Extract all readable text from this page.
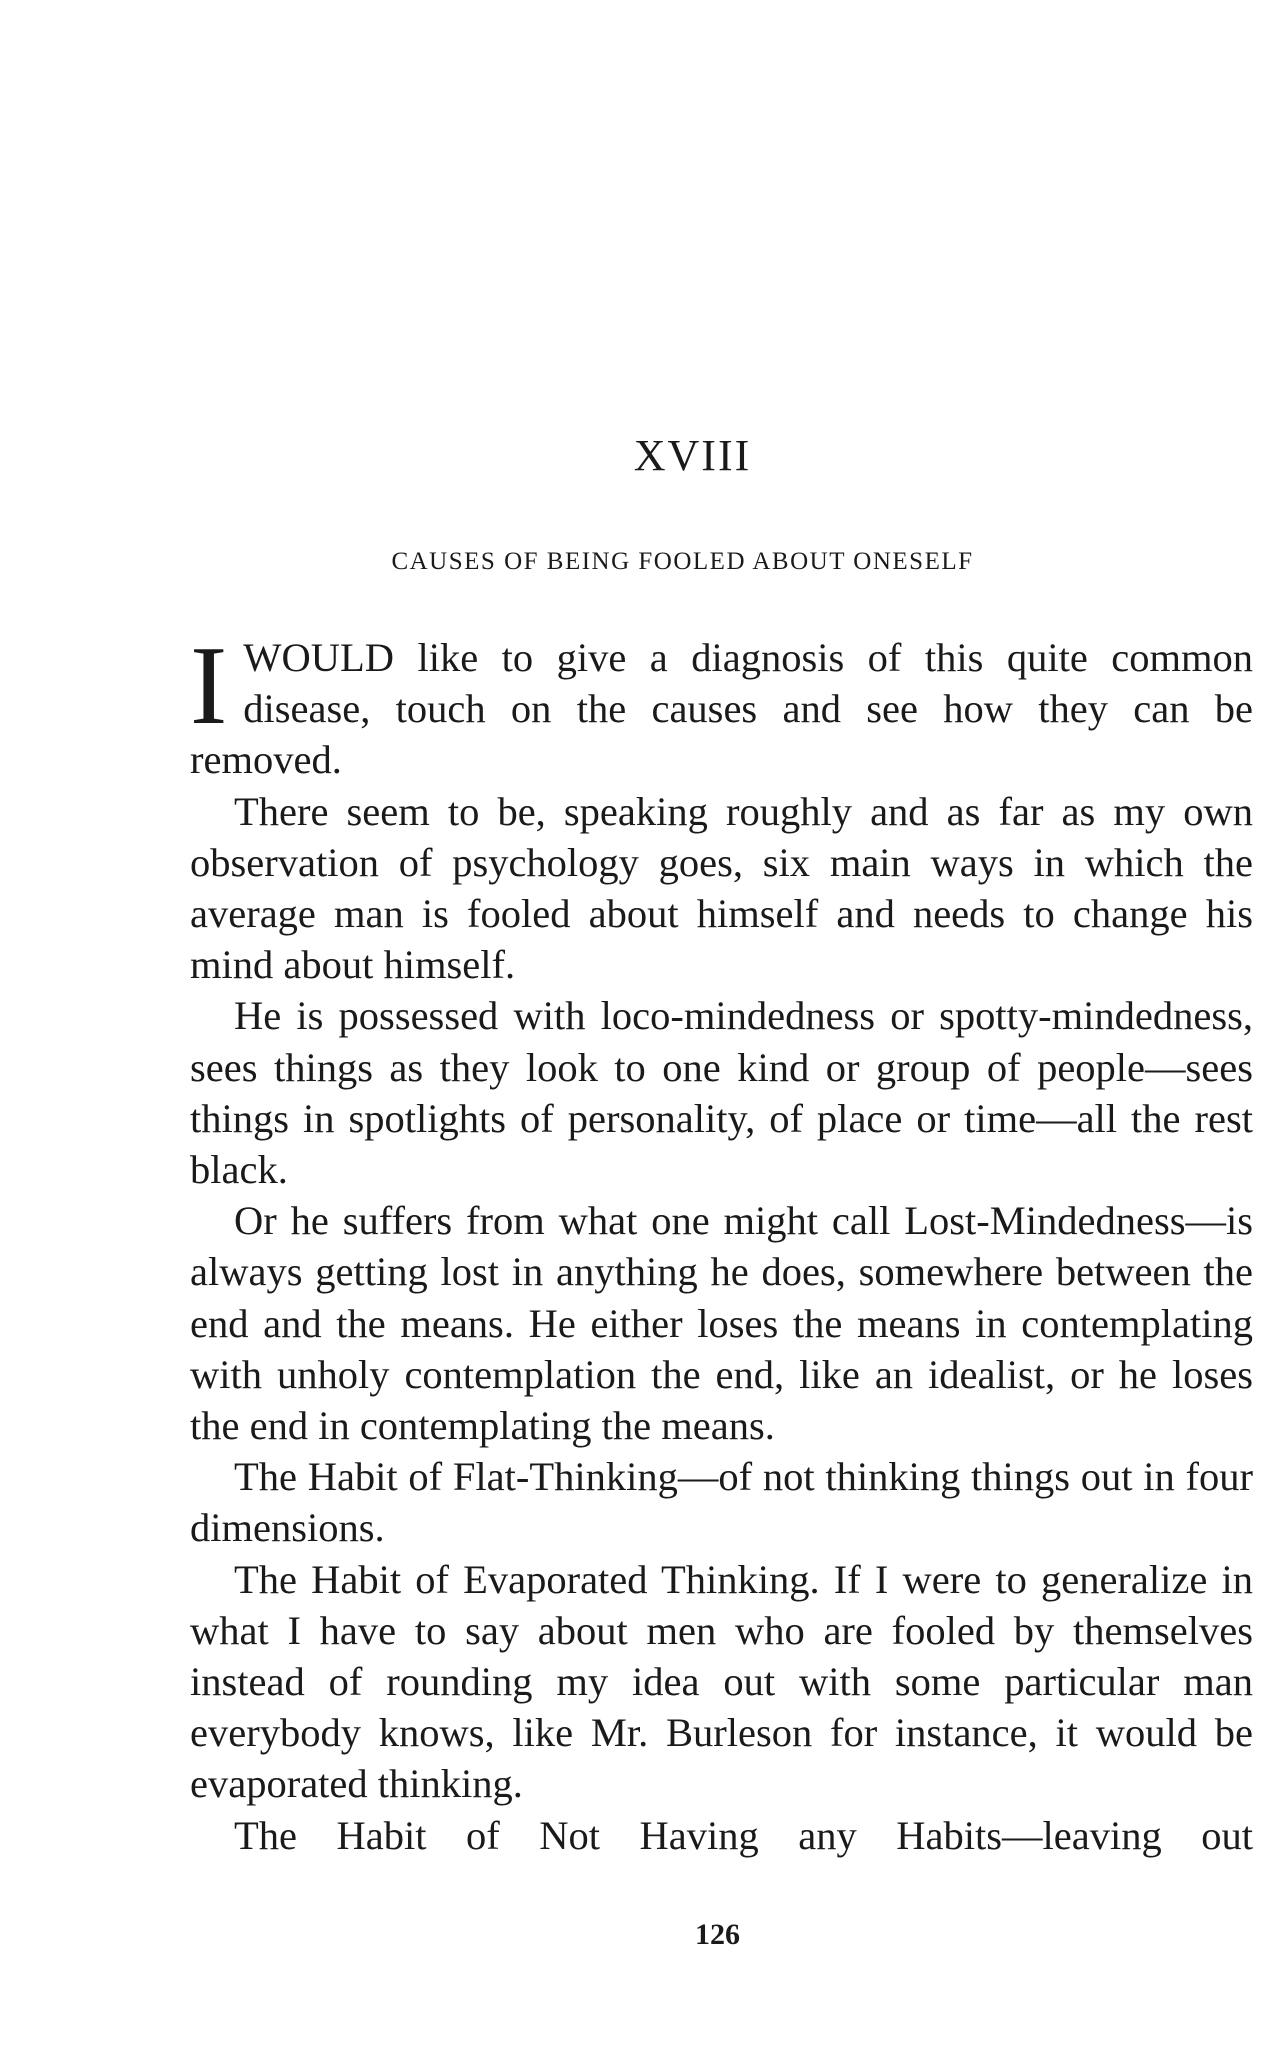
XVIII
CAUSES OF BEING FOOLED ABOUT ONESELF

IWOULD like to give a diagnosis of this quite common disease, touch on the causes and see how they can be removed.

There seem to be, speaking roughly and as far as my own observation of psychology goes, six main ways in which the average man is fooled about himself and needs to change his mind about himself.

He is possessed with loco-mindedness or spotty-mindedness, sees things as they look to one kind or group of people—sees things in spotlights of personality, of place or time—all the rest black.

Or he suffers from what one might call Lost-Mindedness—is always getting lost in anything he does, somewhere between the end and the means. He either loses the means in contemplating with unholy contemplation the end, like an idealist, or he loses the end in contemplating the means.

The Habit of Flat-Thinking—of not thinking things out in four dimensions.

The Habit of Evaporated Thinking. If I were to generalize in what I have to say about men who are fooled by themselves instead of rounding my idea out with some particular man everybody knows, like Mr. Burleson for instance, it would be evaporated thinking.

The Habit of Not Having any Habits—leaving out

126
